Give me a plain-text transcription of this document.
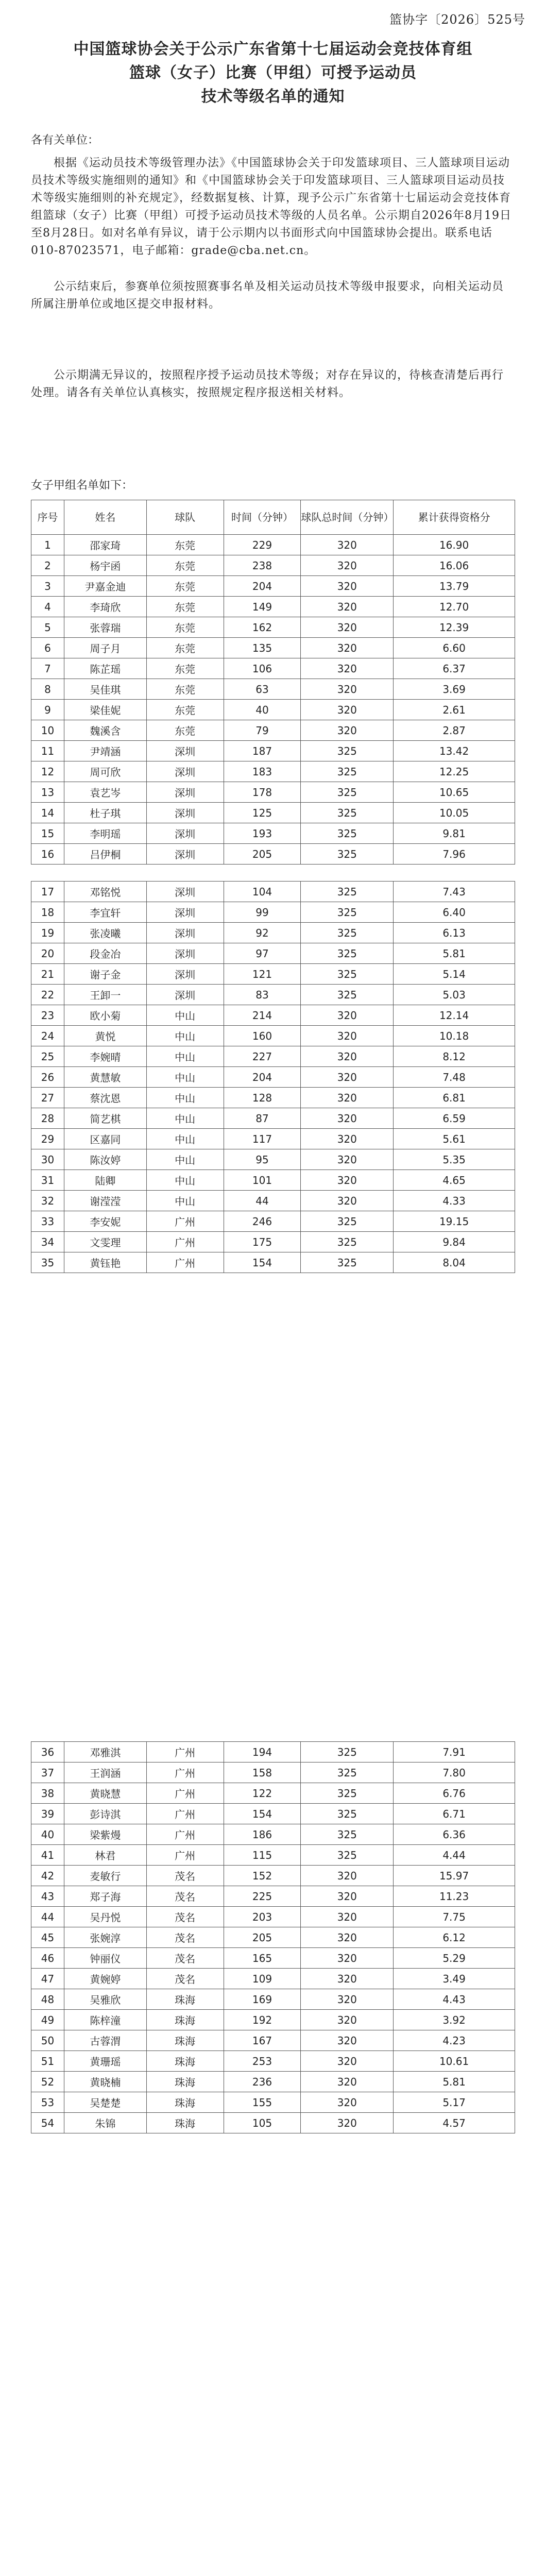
篮协字〔2026〕525号
中国篮球协会关于公示广东省第十七届运动会竞技体育组
篮球（女子）比赛（甲组）可授予运动员
技术等级名单的通知
各有关单位：
根据《运动员技术等级管理办法》《中国篮球协会关于印发篮球项目、三人篮球项目运动员技术等级实施细则的通知》和《中国篮球协会关于印发篮球项目、三人篮球项目运动员技术等级实施细则的补充规定》，经数据复核、计算，现予公示广东省第十七届运动会竞技体育组篮球（女子）比赛（甲组）可授予运动员技术等级的人员名单。公示期自2026年8月19日至8月28日。如对名单有异议，请于公示期内以书面形式向中国篮球协会提出。联系电话 010-87023571，电子邮箱：grade@cba.net.cn。
公示结束后，参赛单位须按照赛事名单及相关运动员技术等级申报要求，向相关运动员所属注册单位或地区提交申报材料。
公示期满无异议的，按照程序授予运动员技术等级；对存在异议的，待核查清楚后再行处理。请各有关单位认真核实，按照规定程序报送相关材料。
女子甲组名单如下：
序号	姓名	球队	时间（分钟）	球队总时间（分钟）	累计获得资格分
1	邵家琦	东莞	229	320	16.90
2	杨宇函	东莞	238	320	16.06
3	尹嘉金迪	东莞	204	320	13.79
4	李琦欣	东莞	149	320	12.70
5	张蓉瑞	东莞	162	320	12.39
6	周子月	东莞	135	320	6.60
7	陈芷瑶	东莞	106	320	6.37
8	吴佳琪	东莞	63	320	3.69
9	梁佳妮	东莞	40	320	2.61
10	魏溪含	东莞	79	320	2.87
11	尹靖涵	深圳	187	325	13.42
12	周可欣	深圳	183	325	12.25
13	袁艺岑	深圳	178	325	10.65
14	杜子琪	深圳	125	325	10.05
15	李明瑶	深圳	193	325	9.81
16	吕伊桐	深圳	205	325	7.96
17	邓铭悦	深圳	104	325	7.43
18	李宜轩	深圳	99	325	6.40
19	张凌曦	深圳	92	325	6.13
20	段金冶	深圳	97	325	5.81
21	谢子金	深圳	121	325	5.14
22	王卸一	深圳	83	325	5.03
23	欧小菊	中山	214	320	12.14
24	黄悦	中山	160	320	10.18
25	李婉晴	中山	227	320	8.12
26	黄慧敏	中山	204	320	7.48
27	蔡沈恩	中山	128	320	6.81
28	简艺棋	中山	87	320	6.59
29	区嘉同	中山	117	320	5.61
30	陈汝婷	中山	95	320	5.35
31	陆卿	中山	101	320	4.65
32	谢滢滢	中山	44	320	4.33
33	李安妮	广州	246	325	19.15
34	文雯理	广州	175	325	9.84
35	黄钰艳	广州	154	325	8.04
36	邓雅淇	广州	194	325	7.91
37	王润涵	广州	158	325	7.80
38	黄晓慧	广州	122	325	6.76
39	彭诗淇	广州	154	325	6.71
40	梁紫熳	广州	186	325	6.36
41	林君	广州	115	325	4.44
42	麦敏行	茂名	152	320	15.97
43	郑子海	茂名	225	320	11.23
44	吴丹悦	茂名	203	320	7.75
45	张婉淳	茂名	205	320	6.12
46	钟丽仪	茂名	165	320	5.29
47	黄婉婷	茂名	109	320	3.49
48	吴雅欣	珠海	169	320	4.43
49	陈梓潼	珠海	192	320	3.92
50	古蓉渭	珠海	167	320	4.23
51	黄珊瑶	珠海	253	320	10.61
52	黄晓楠	珠海	236	320	5.81
53	吴楚楚	珠海	155	320	5.17
54	朱锦	珠海	105	320	4.57
